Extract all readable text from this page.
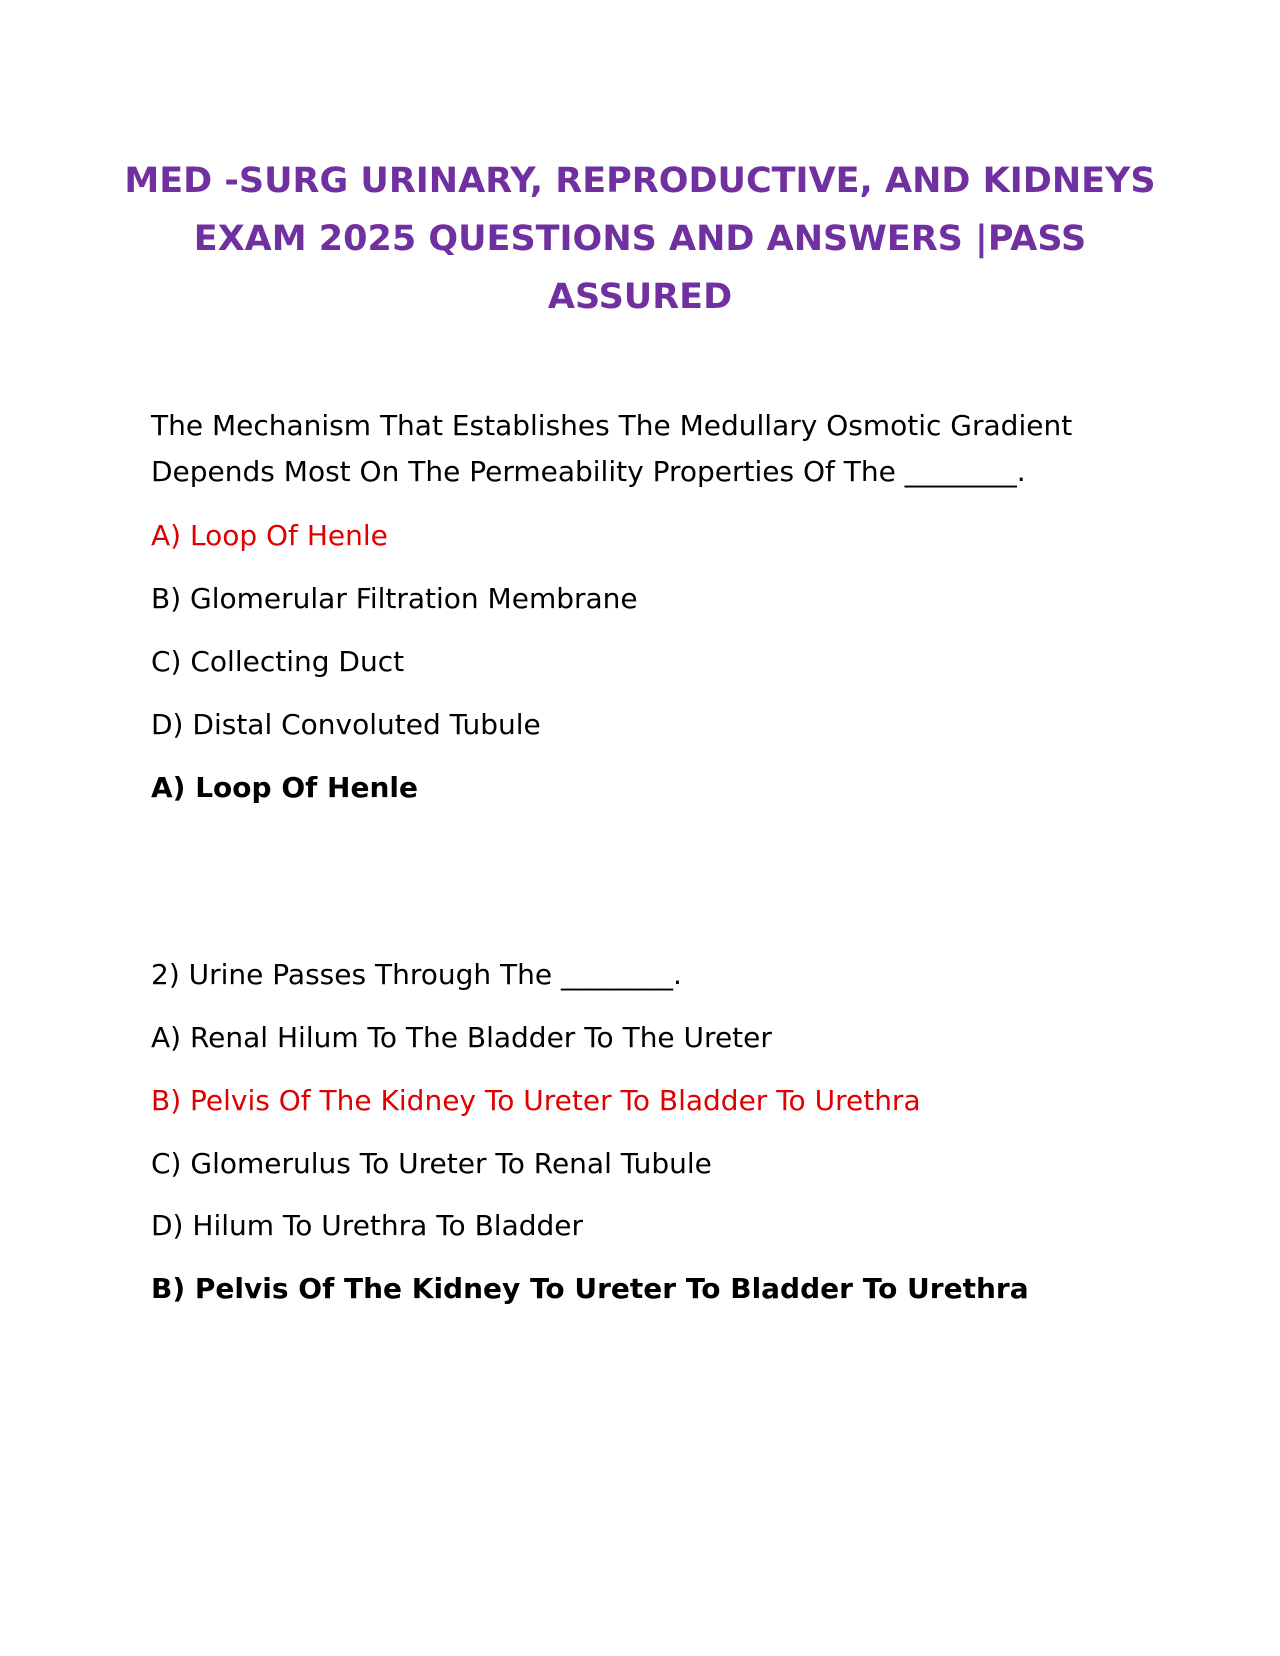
MED -SURG URINARY, REPRODUCTIVE, AND KIDNEYS
EXAM 2025 QUESTIONS AND ANSWERS |PASS
ASSURED

The Mechanism That Establishes The Medullary Osmotic Gradient

Depends Most On The Permeability Properties Of The ________.

A) Loop Of Henle

B) Glomerular Filtration Membrane

C) Collecting Duct

D) Distal Convoluted Tubule

A) Loop Of Henle

2) Urine Passes Through The ________.

A) Renal Hilum To The Bladder To The Ureter

B) Pelvis Of The Kidney To Ureter To Bladder To Urethra

C) Glomerulus To Ureter To Renal Tubule

D) Hilum To Urethra To Bladder

B) Pelvis Of The Kidney To Ureter To Bladder To Urethra
